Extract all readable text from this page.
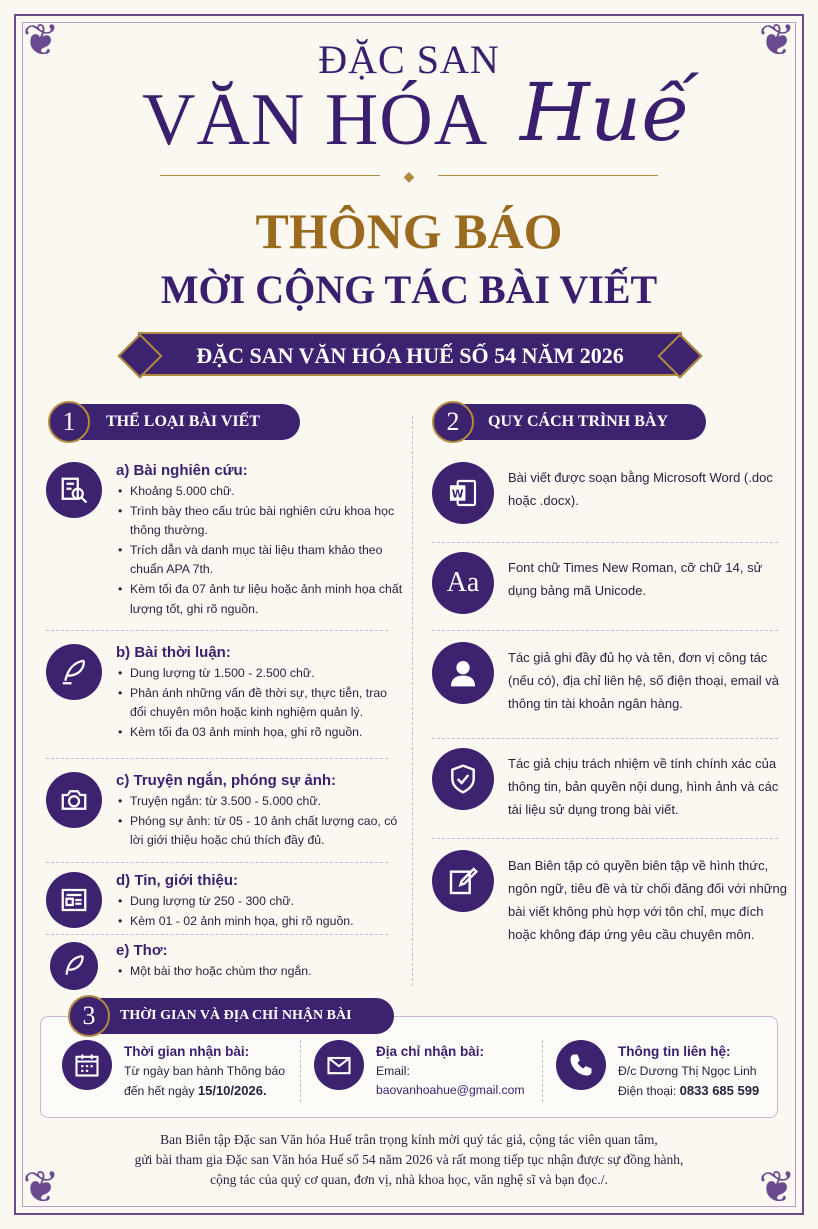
❦	❦
❦	❦
ĐẶC SAN
VĂN HÓA Huế
◆
THÔNG BÁO
MỜI CỘNG TÁC BÀI VIẾT
ĐẶC SAN VĂN HÓA HUẾ SỐ 54 NĂM 2026
THỂ LOẠI BÀI VIẾT
1	QUY CÁCH TRÌNH BÀY
2
a) Bài nghiên cứu:
• Khoảng 5.000 chữ.
• Trình bày theo cấu trúc bài nghiên cứu khoa học thông thường.
• Trích dẫn và danh mục tài liệu tham khảo theo chuẩn APA 7th.
• Kèm tối đa 07 ảnh tư liệu hoặc ảnh minh họa chất lượng tốt, ghi rõ nguồn.
b) Bài thời luận:
• Dung lượng từ 1.500 - 2.500 chữ.
• Phản ánh những vấn đề thời sự, thực tiễn, trao đổi chuyên môn hoặc kinh nghiệm quản lý.
• Kèm tối đa 03 ảnh minh họa, ghi rõ nguồn.
c) Truyện ngắn, phóng sự ảnh:
• Truyện ngắn: từ 3.500 - 5.000 chữ.
• Phóng sự ảnh: từ 05 - 10 ảnh chất lượng cao, có lời giới thiệu hoặc chú thích đầy đủ.
d) Tin, giới thiệu:
• Dung lượng từ 250 - 300 chữ.
• Kèm 01 - 02 ảnh minh họa, ghi rõ nguồn.
e) Thơ:
• Một bài thơ hoặc chùm thơ ngắn.
W
Bài viết được soạn bằng Microsoft Word (.doc hoặc .docx).
Aa	Font chữ Times New Roman, cỡ chữ 14, sử dụng bảng mã Unicode.
Tác giả ghi đầy đủ họ và tên, đơn vị công tác (nếu có), địa chỉ liên hệ, số điện thoại, email và thông tin tài khoản ngân hàng.
Tác giả chịu trách nhiệm về tính chính xác của thông tin, bản quyền nội dung, hình ảnh và các tài liệu sử dụng trong bài viết.
Ban Biên tập có quyền biên tập về hình thức, ngôn ngữ, tiêu đề và từ chối đăng đối với những bài viết không phù hợp với tôn chỉ, mục đích hoặc không đáp ứng yêu cầu chuyên môn.
THỜI GIAN VÀ ĐỊA CHỈ NHẬN BÀI
3
Thời gian nhận bài:
Từ ngày ban hành Thông báo
đến hết ngày 15/10/2026.
Địa chỉ nhận bài:
Email:
baovanhoahue@gmail.com
Thông tin liên hệ:
Đ/c Dương Thị Ngọc Linh
Điện thoại: 0833 685 599
Ban Biên tập Đặc san Văn hóa Huế trân trọng kính mời quý tác giả, cộng tác viên quan tâm,
gửi bài tham gia Đặc san Văn hóa Huế số 54 năm 2026 và rất mong tiếp tục nhận được sự đồng hành,
cộng tác của quý cơ quan, đơn vị, nhà khoa học, văn nghệ sĩ và bạn đọc./.
